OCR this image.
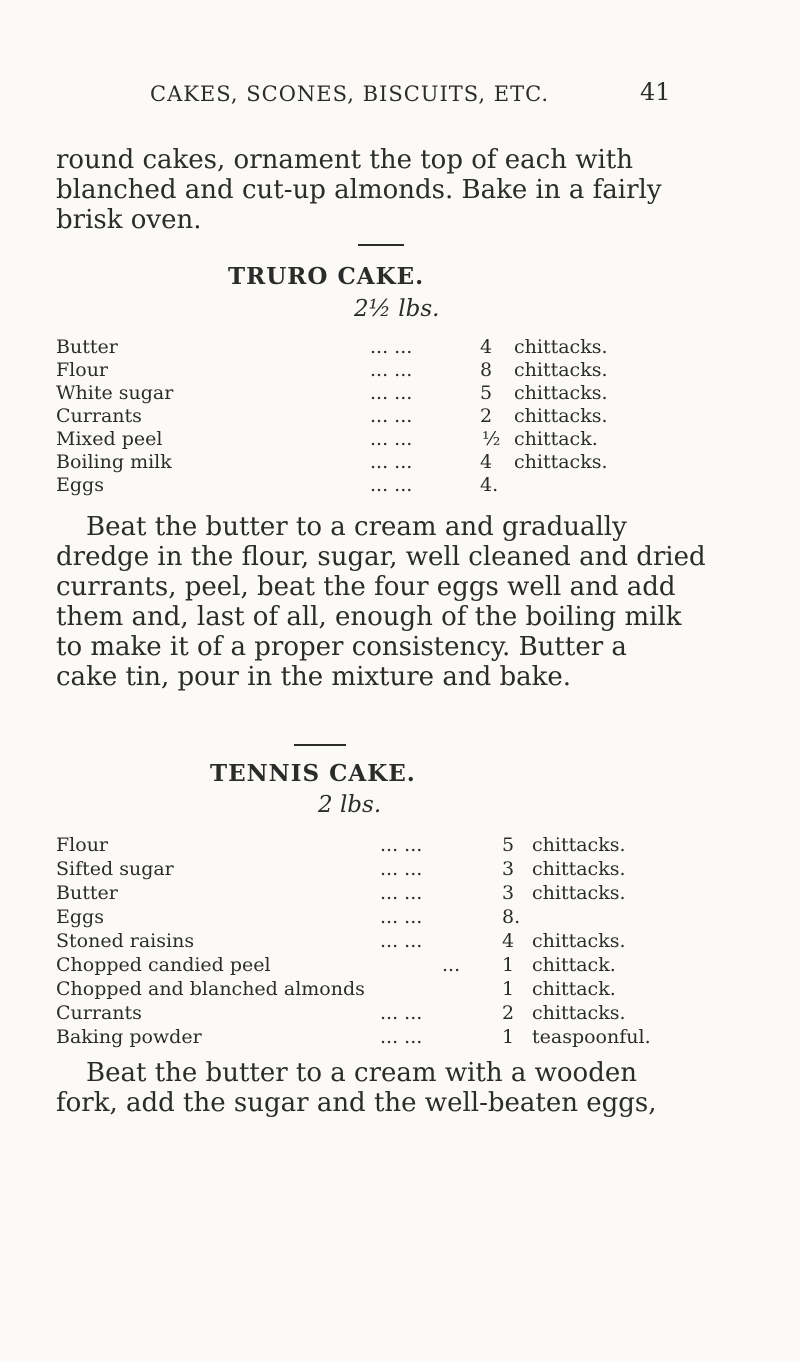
CAKES, SCONES, BISCUITS, ETC.	41
round cakes, ornament the top of each with
blanched and cut-up almonds. Bake in a fairly
brisk oven.
TRURO CAKE.
2½ lbs.
Butter	... ...	4 chittacks.
Flour	... ...	8 chittacks.
White sugar	... ...	5 chittacks.
Currants	... ...	2 chittacks.
Mixed peel	... ...	½ chittack.
Boiling milk	... ...	4 chittacks.
Eggs	... ...	4.
Beat the butter to a cream and gradually
dredge in the flour, sugar, well cleaned and dried
currants, peel, beat the four eggs well and add
them and, last of all, enough of the boiling milk
to make it of a proper consistency. Butter a
cake tin, pour in the mixture and bake.
TENNIS CAKE.
2 lbs.
Flour	... ...	5 chittacks.
Sifted sugar	... ...	3 chittacks.
Butter	... ...	3 chittacks.
Eggs	... ...	8.
Stoned raisins	... ...	4 chittacks.
Chopped candied peel	... 1 chittack.
Chopped and blanched almonds	1 chittack.
Currants	... ...	2 chittacks.
Baking powder	... ...	1 teaspoonful.
Beat the butter to a cream with a wooden
fork, add the sugar and the well-beaten eggs,
